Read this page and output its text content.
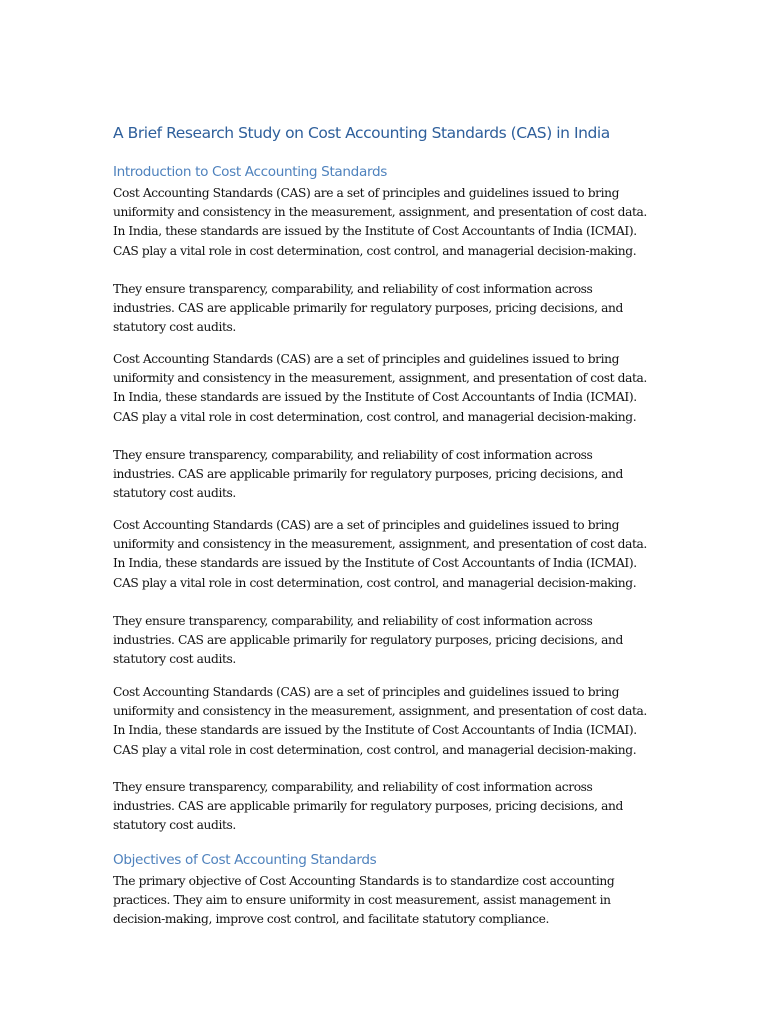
A Brief Research Study on Cost Accounting Standards (CAS) in India
Introduction to Cost Accounting Standards

Cost Accounting Standards (CAS) are a set of principles and guidelines issued to bring
uniformity and consistency in the measurement, assignment, and presentation of cost data.
In India, these standards are issued by the Institute of Cost Accountants of India (ICMAI).
CAS play a vital role in cost determination, cost control, and managerial decision-making.

They ensure transparency, comparability, and reliability of cost information across
industries. CAS are applicable primarily for regulatory purposes, pricing decisions, and
statutory cost audits.

Cost Accounting Standards (CAS) are a set of principles and guidelines issued to bring
uniformity and consistency in the measurement, assignment, and presentation of cost data.
In India, these standards are issued by the Institute of Cost Accountants of India (ICMAI).
CAS play a vital role in cost determination, cost control, and managerial decision-making.

They ensure transparency, comparability, and reliability of cost information across
industries. CAS are applicable primarily for regulatory purposes, pricing decisions, and
statutory cost audits.

Cost Accounting Standards (CAS) are a set of principles and guidelines issued to bring
uniformity and consistency in the measurement, assignment, and presentation of cost data.
In India, these standards are issued by the Institute of Cost Accountants of India (ICMAI).
CAS play a vital role in cost determination, cost control, and managerial decision-making.

They ensure transparency, comparability, and reliability of cost information across
industries. CAS are applicable primarily for regulatory purposes, pricing decisions, and
statutory cost audits.

Cost Accounting Standards (CAS) are a set of principles and guidelines issued to bring
uniformity and consistency in the measurement, assignment, and presentation of cost data.
In India, these standards are issued by the Institute of Cost Accountants of India (ICMAI).
CAS play a vital role in cost determination, cost control, and managerial decision-making.

They ensure transparency, comparability, and reliability of cost information across
industries. CAS are applicable primarily for regulatory purposes, pricing decisions, and
statutory cost audits.

Objectives of Cost Accounting Standards

The primary objective of Cost Accounting Standards is to standardize cost accounting
practices. They aim to ensure uniformity in cost measurement, assist management in
decision-making, improve cost control, and facilitate statutory compliance.
